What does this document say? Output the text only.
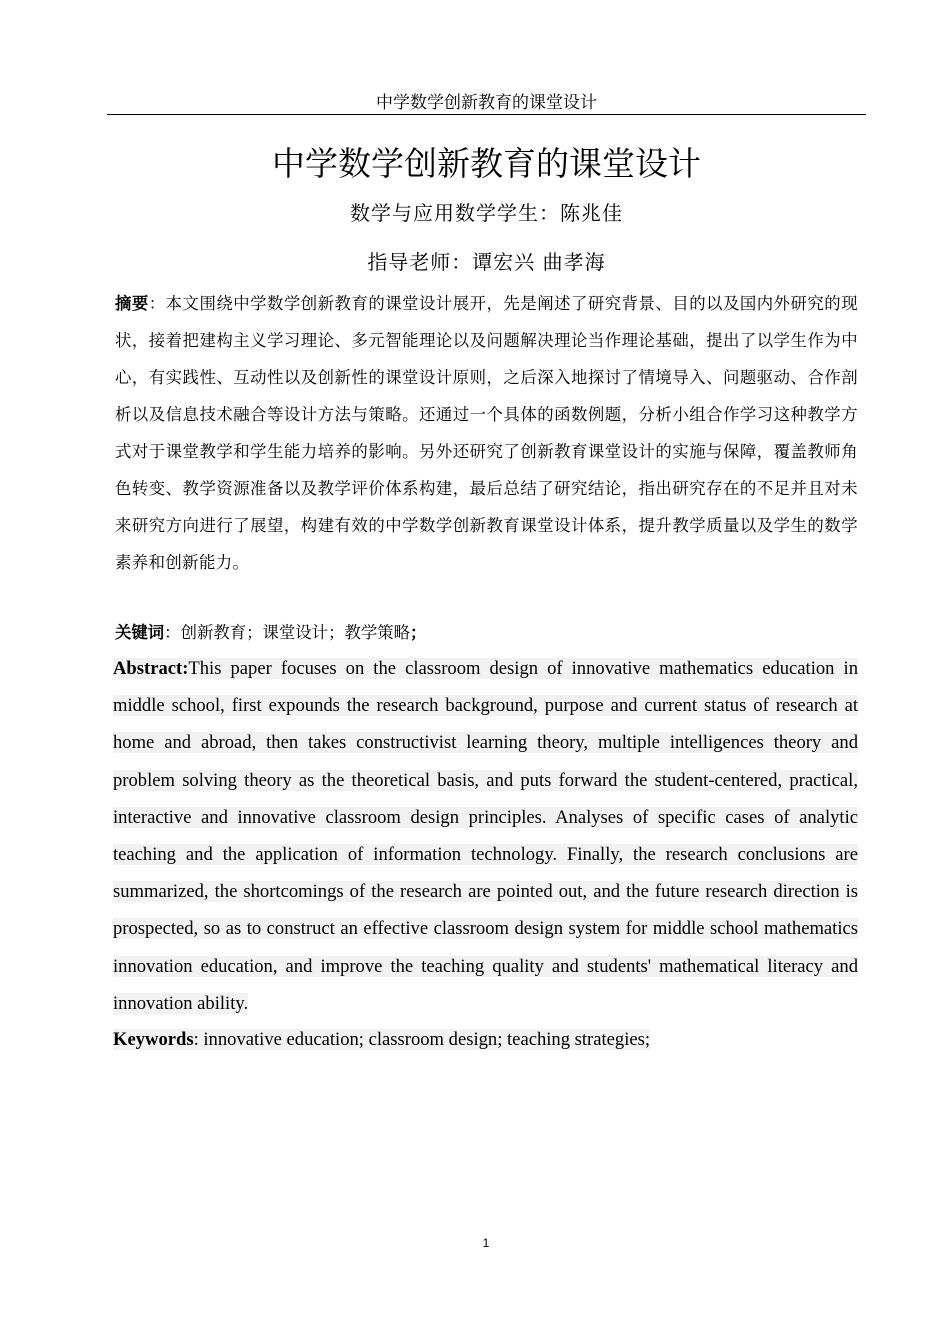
中学数学创新教育的课堂设计
中学数学创新教育的课堂设计
数学与应用数学学生：陈兆佳
指导老师：谭宏兴 曲孝海
摘要：本文围绕中学数学创新教育的课堂设计展开，先是阐述了研究背景、目的以及国内外研究的现状，接着把建构主义学习理论、多元智能理论以及问题解决理论当作理论基础，提出了以学生作为中心，有实践性、互动性以及创新性的课堂设计原则，之后深入地探讨了情境导入、问题驱动、合作剖析以及信息技术融合等设计方法与策略。还通过一个具体的函数例题，分析小组合作学习这种教学方式对于课堂教学和学生能力培养的影响。另外还研究了创新教育课堂设计的实施与保障，覆盖教师角色转变、教学资源准备以及教学评价体系构建，最后总结了研究结论，指出研究存在的不足并且对未来研究方向进行了展望，构建有效的中学数学创新教育课堂设计体系，提升教学质量以及学生的数学素养和创新能力。
关键词：创新教育；课堂设计；教学策略；
Abstract:This paper focuses on the classroom design of innovative mathematics education in middle school, first expounds the research background, purpose and current status of research at home and abroad, then takes constructivist learning theory, multiple intelligences theory and problem solving theory as the theoretical basis, and puts forward the student-centered, practical, interactive and innovative classroom design principles. Analyses of specific cases of analytic teaching and the application of information technology. Finally, the research conclusions are summarized, the shortcomings of the research are pointed out, and the future research direction is prospected, so as to construct an effective classroom design system for middle school mathematics innovation education, and improve the teaching quality and students' mathematical literacy and innovation ability.
Keywords: innovative education; classroom design; teaching strategies;
1
